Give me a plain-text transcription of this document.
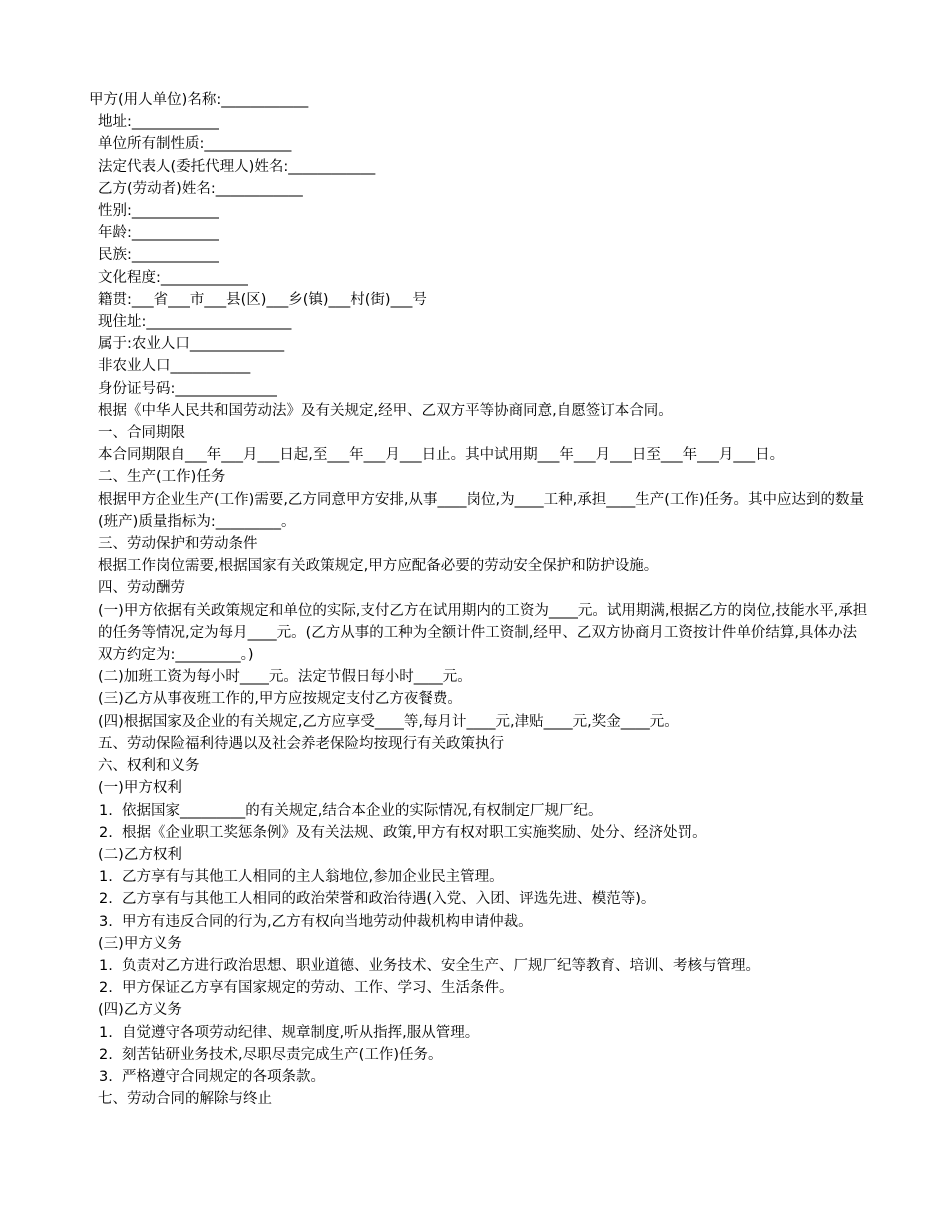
甲方(用人单位)名称:____________
地址:____________
单位所有制性质:____________
法定代表人(委托代理人)姓名:____________
乙方(劳动者)姓名:____________
性别:____________
年龄:____________
民族:____________
文化程度:____________
籍贯:___省___市___县(区)___乡(镇)___村(街)___号
现住址:____________________
属于:农业人口_____________
非农业人口___________
身份证号码:______________
根据《中华人民共和国劳动法》及有关规定,经甲、乙双方平等协商同意,自愿签订本合同。
一、合同期限
本合同期限自___年___月___日起,至___年___月___日止。其中试用期___年___月___日至___年___月___日。
二、生产(工作)任务
根据甲方企业生产(工作)需要,乙方同意甲方安排,从事____岗位,为____工种,承担____生产(工作)任务。其中应达到的数量(班产)质量指标为:_________。
三、劳动保护和劳动条件
根据工作岗位需要,根据国家有关政策规定,甲方应配备必要的劳动安全保护和防护设施。
四、劳动酬劳
(一)甲方依据有关政策规定和单位的实际,支付乙方在试用期内的工资为____元。试用期满,根据乙方的岗位,技能水平,承担的任务等情况,定为每月____元。(乙方从事的工种为全额计件工资制,经甲、乙双方协商月工资按计件单价结算,具体办法双方约定为:_________。)
(二)加班工资为每小时____元。法定节假日每小时____元。
(三)乙方从事夜班工作的,甲方应按规定支付乙方夜餐费。
(四)根据国家及企业的有关规定,乙方应享受____等,每月计____元,津贴____元,奖金____元。
五、劳动保险福利待遇以及社会养老保险均按现行有关政策执行
六、权利和义务
(一)甲方权利
1.  依据国家_________的有关规定,结合本企业的实际情况,有权制定厂规厂纪。
2.  根据《企业职工奖惩条例》及有关法规、政策,甲方有权对职工实施奖励、处分、经济处罚。
(二)乙方权利
1.  乙方享有与其他工人相同的主人翁地位,参加企业民主管理。
2.  乙方享有与其他工人相同的政治荣誉和政治待遇(入党、入团、评选先进、模范等)。
3.  甲方有违反合同的行为,乙方有权向当地劳动仲裁机构申请仲裁。
(三)甲方义务
1.  负责对乙方进行政治思想、职业道德、业务技术、安全生产、厂规厂纪等教育、培训、考核与管理。
2.  甲方保证乙方享有国家规定的劳动、工作、学习、生活条件。
(四)乙方义务
1.  自觉遵守各项劳动纪律、规章制度,听从指挥,服从管理。
2.  刻苦钻研业务技术,尽职尽责完成生产(工作)任务。
3.  严格遵守合同规定的各项条款。
七、劳动合同的解除与终止
